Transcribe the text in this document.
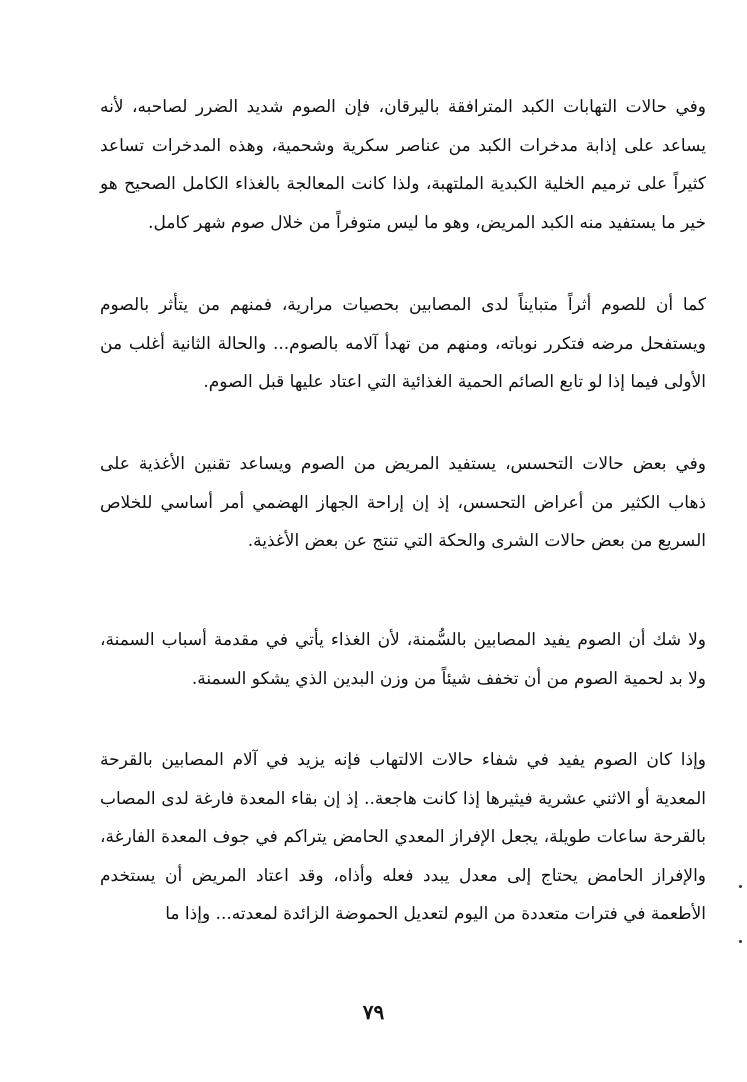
وفي حالات التهابات الكبد المترافقة باليرقان، فإن الصوم شديد الضرر لصاحبه، لأنه يساعد على إذابة مدخرات الكبد من عناصر سكرية وشحمية، وهذه المدخرات تساعد كثيراً على ترميم الخلية الكبدية الملتهبة، ولذا كانت المعالجة بالغذاء الكامل الصحيح هو خير ما يستفيد منه الكبد المريض، وهو ما ليس متوفراً من خلال صوم شهر كامل.

كما أن للصوم أثراً متبايناً لدى المصابين بحصيات مرارية، فمنهم من يتأثر بالصوم ويستفحل مرضه فتكرر نوباته، ومنهم من تهدأ آلامه بالصوم... والحالة الثانية أغلب من الأولى فيما إذا لو تابع الصائم الحمية الغذائية التي اعتاد عليها قبل الصوم.

وفي بعض حالات التحسس، يستفيد المريض من الصوم ويساعد تقنين الأغذية على ذهاب الكثير من أعراض التحسس، إذ إن إراحة الجهاز الهضمي أمر أساسي للخلاص السريع من بعض حالات الشرى والحكة التي تنتج عن بعض الأغذية.

ولا شك أن الصوم يفيد المصابين بالسُّمنة، لأن الغذاء يأتي في مقدمة أسباب السمنة، ولا بد لحمية الصوم من أن تخفف شيئاً من وزن البدين الذي يشكو السمنة.

وإذا كان الصوم يفيد في شفاء حالات الالتهاب فإنه يزيد في آلام المصابين بالقرحة المعدية أو الاثني عشرية فيثيرها إذا كانت هاجعة.. إذ إن بقاء المعدة فارغة لدى المصاب بالقرحة ساعات طويلة، يجعل الإفراز المعدي الحامض يتراكم في جوف المعدة الفارغة، والإفراز الحامض يحتاج إلى معدل يبدد فعله وأذاه، وقد اعتاد المريض أن يستخدم الأطعمة في فترات متعددة من اليوم لتعديل الحموضة الزائدة لمعدته... وإذا ما

٧٩
